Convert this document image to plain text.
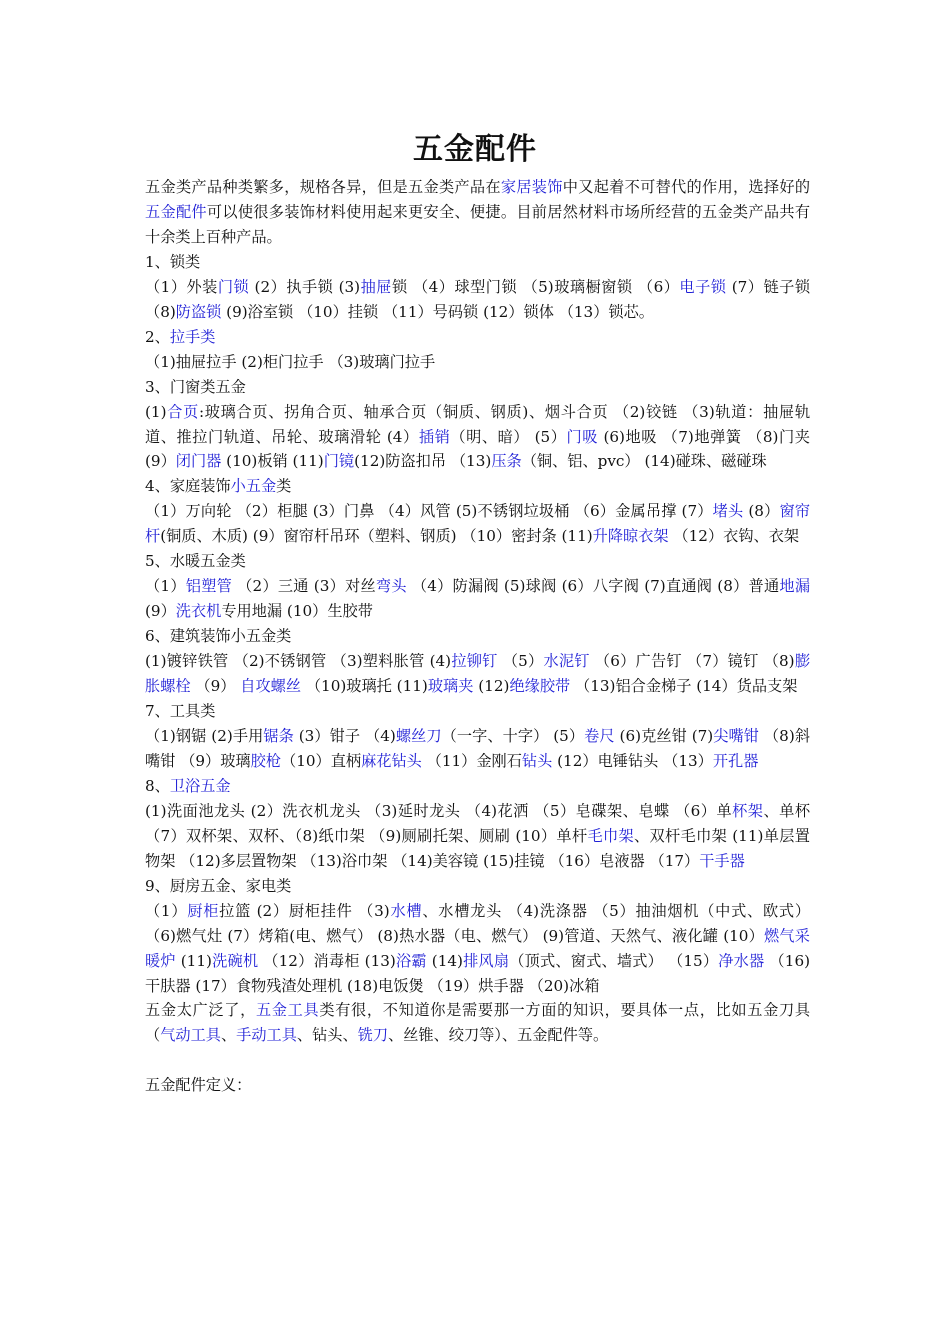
五金配件

五金类产品种类繁多，规格各异，但是五金类产品在家居装饰中又起着不可替代的作用，选择好的五金配件可以使很多装饰材料使用起来更安全、便捷。目前居然材料市场所经营的五金类产品共有十余类上百种产品。

1、锁类

（1）外装门锁 (2）执手锁 (3)抽屉锁 （4）球型门锁 （5)玻璃橱窗锁 （6）电子锁 (7）链子锁 （8)防盗锁 (9)浴室锁 （10）挂锁 （11）号码锁 (12）锁体 （13）锁芯。

2、拉手类

（1)抽屉拉手 (2)柜门拉手 （3)玻璃门拉手

3、门窗类五金

(1)合页:玻璃合页、拐角合页、轴承合页（铜质、钢质)、烟斗合页 （2)铰链 （3)轨道：抽屉轨道、推拉门轨道、吊轮、玻璃滑轮 (4）插销（明、暗） (5）门吸 (6)地吸 （7)地弹簧 （8)门夹 (9）闭门器 (10)板销 (11)门镜(12)防盗扣吊 （13)压条（铜、铝、pvc） (14)碰珠、磁碰珠

4、家庭装饰小五金类

（1）万向轮 （2）柜腿 (3）门鼻 （4）风管 (5)不锈钢垃圾桶 （6）金属吊撑 (7）堵头 (8）窗帘杆(铜质、木质) (9）窗帘杆吊环（塑料、钢质) （10）密封条 (11)升降晾衣架 （12）衣钩、衣架

5、水暖五金类

（1）铝塑管 （2）三通 (3）对丝弯头 （4）防漏阀 (5)球阀 (6）八字阀 (7)直通阀 (8）普通地漏 (9）洗衣机专用地漏 (10）生胶带

6、建筑装饰小五金类

(1)镀锌铁管 （2)不锈钢管 （3)塑料胀管 (4)拉铆钉 （5）水泥钉 （6）广告钉 （7）镜钉 （8)膨胀螺栓 （9） 自攻螺丝 （10)玻璃托 (11)玻璃夹 (12)绝缘胶带 （13)铝合金梯子 (14）货品支架

7、工具类

（1)钢锯 (2)手用锯条 (3）钳子 （4)螺丝刀（一字、十字） (5）卷尺 (6)克丝钳 (7)尖嘴钳 （8)斜嘴钳 （9）玻璃胶枪（10）直柄麻花钻头 （11）金刚石钻头 (12）电锤钻头 （13）开孔器

8、卫浴五金

(1)洗面池龙头 (2）洗衣机龙头 （3)延时龙头 （4)花洒 （5）皂碟架、皂蝶 （6）单杯架、单杯 （7）双杯架、双杯、（8)纸巾架 （9)厕刷托架、厕刷 (10）单杆毛巾架、双杆毛巾架 (11)单层置物架 （12)多层置物架 （13)浴巾架 （14)美容镜 (15)挂镜 （16）皂液器 （17）干手器

9、厨房五金、家电类

（1）厨柜拉篮 (2）厨柜挂件 （3)水槽、水槽龙头 （4)洗涤器 （5）抽油烟机（中式、欧式） （6)燃气灶 (7）烤箱(电、燃气） (8)热水器（电、燃气） (9)管道、天然气、液化罐 (10）燃气采暖炉 (11)洗碗机 （12）消毒柜 (13)浴霸 (14)排风扇（顶式、窗式、墙式） （15）净水器 （16)干肤器 (17）食物残渣处理机 (18)电饭煲 （19）烘手器 （20)冰箱

五金太广泛了，五金工具类有很，不知道你是需要那一方面的知识，要具体一点，比如五金刀具（气动工具、手动工具、钻头、铣刀、丝锥、绞刀等）、五金配件等。

五金配件定义：
